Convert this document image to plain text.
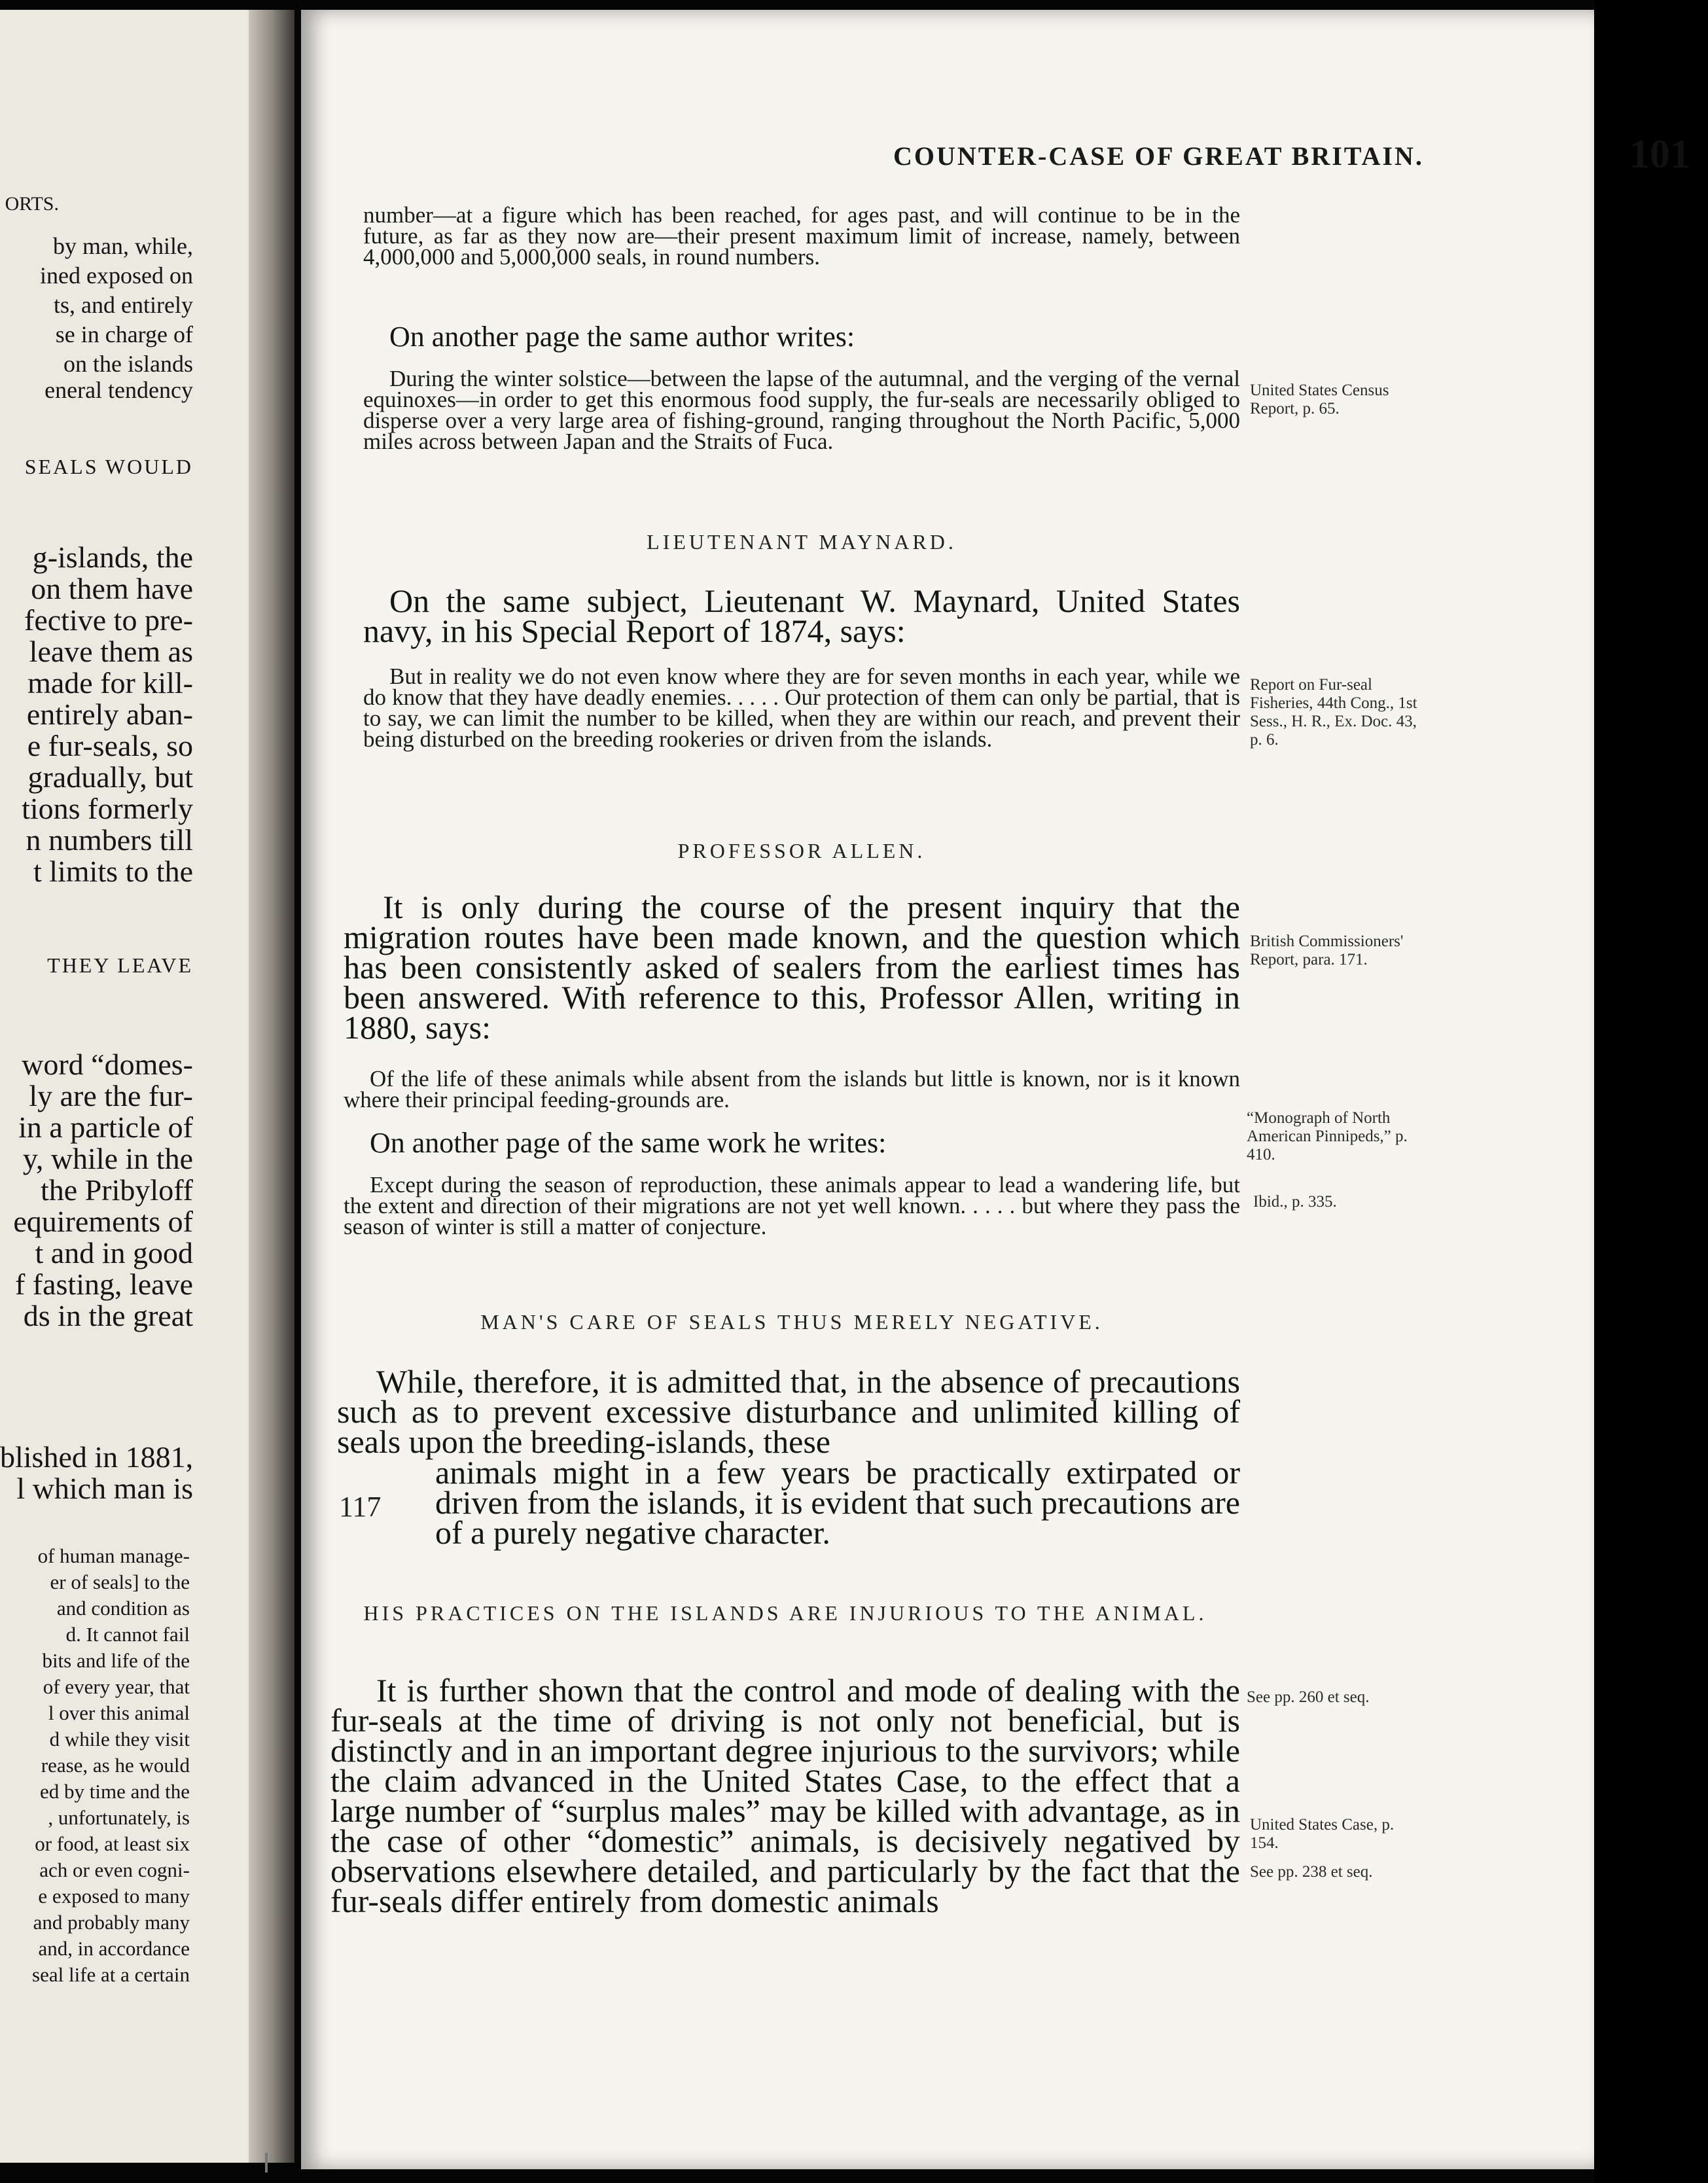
ORTS.
by man, while,
ined exposed on
ts, and entirely
se in charge of
on the islands
eneral tendency
SEALS WOULD
g-islands, the
on them have
fective to pre-
leave them as
made for kill-
entirely aban-
e fur-seals, so
gradually, but
tions formerly
n numbers till
t limits to the
THEY LEAVE
word “domes-
ly are the fur-
in a particle of
y, while in the
the Pribyloff
equirements of
t and in good
f fasting, leave
ds in the great
blished in 1881,
l which man is
of human manage-
er of seals] to the
and condition as
d. It cannot fail
bits and life of the
of every year, that
l over this animal
d while they visit
rease, as he would
ed by time and the
, unfortunately, is
or food, at least six
ach or even cogni-
e exposed to many
and probably many
and, in accordance
seal life at a certain
COUNTER-CASE OF GREAT BRITAIN.	101

number—at a figure which has been reached, for ages past, and will continue to be in the future, as far as they now are—their present maximum limit of increase, namely, between 4,000,000 and 5,000,000 seals, in round numbers.

On another page the same author writes:

During the winter solstice—between the lapse of the autumnal, and the verging of the vernal equinoxes—in order to get this enormous food supply, the fur-seals are necessarily obliged to disperse over a very large area of fishing-ground, ranging throughout the North Pacific, 5,000 miles across between Japan and the Straits of Fuca.

United States Census Report, p. 65.

LIEUTENANT MAYNARD.

On the same subject, Lieutenant W. Maynard, United States navy, in his Special Report of 1874, says:

But in reality we do not even know where they are for seven months in each year, while we do know that they have deadly enemies. . . . . Our protection of them can only be partial, that is to say, we can limit the number to be killed, when they are within our reach, and prevent their being disturbed on the breeding rookeries or driven from the islands.

Report on Fur-seal Fisheries, 44th Cong., 1st Sess., H. R., Ex. Doc. 43, p. 6.

PROFESSOR ALLEN.

It is only during the course of the present inquiry that the migration routes have been made known, and the question which has been consistently asked of sealers from the earliest times has been answered. With reference to this, Professor Allen, writing in 1880, says:

British Commissioners' Report, para. 171.

Of the life of these animals while absent from the islands but little is known, nor is it known where their principal feeding-grounds are.

“Monograph of North American Pinnipeds,” p. 410.

On another page of the same work he writes:

Except during the season of reproduction, these animals appear to lead a wandering life, but the extent and direction of their migrations are not yet well known. . . . . but where they pass the season of winter is still a matter of conjecture.

Ibid., p. 335.

MAN'S CARE OF SEALS THUS MERELY NEGATIVE.

While, therefore, it is admitted that, in the absence of precautions such as to prevent excessive disturbance and unlimited killing of seals upon the breeding-islands, these

117

animals might in a few years be practically extirpated or driven from the islands, it is evident that such precautions are of a purely negative character.

HIS PRACTICES ON THE ISLANDS ARE INJURIOUS TO THE ANIMAL.

It is further shown that the control and mode of dealing with the fur-seals at the time of driving is not only not beneficial, but is distinctly and in an important degree injurious to the survivors; while the claim advanced in the United States Case, to the effect that a large number of “surplus males” may be killed with advantage, as in the case of other “domestic” animals, is decisively negatived by observations elsewhere detailed, and particularly by the fact that the fur-seals differ entirely from domestic animals

See pp. 260 et seq.
United States Case, p. 154.
See pp. 238 et seq.
